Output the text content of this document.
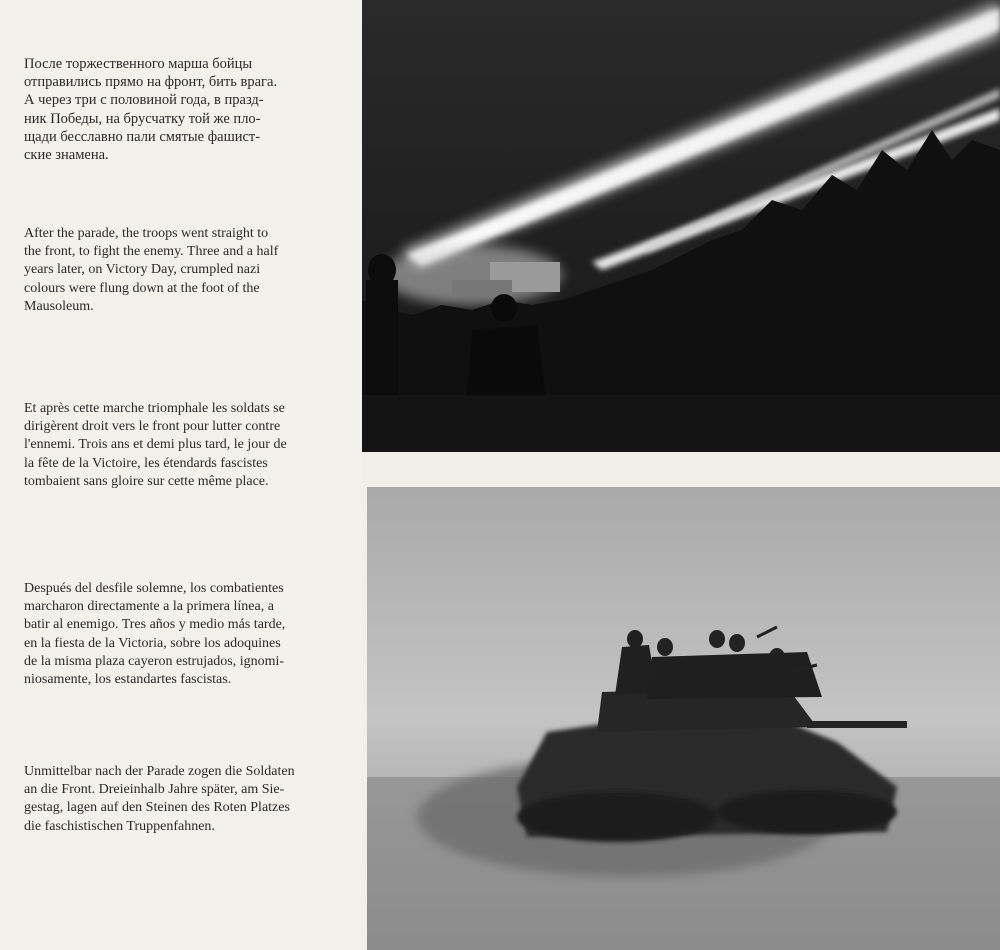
После торжественного марша бойцы
отправились прямо на фронт, бить врага.
А через три с половиной года, в празд-
ник Победы, на брусчатку той же пло-
щади бесславно пали смятые фашист-
ские знамена.

After the parade, the troops went straight to
the front, to fight the enemy. Three and a half
years later, on Victory Day, crumpled nazi
colours were flung down at the foot of the
Mausoleum.

Et après cette marche triomphale les soldats se
dirigèrent droit vers le front pour lutter contre
l'ennemi. Trois ans et demi plus tard, le jour de
la fête de la Victoire, les étendards fascistes
tombaient sans gloire sur cette même place.

Después del desfile solemne, los combatientes
marcharon directamente a la primera línea, a
batir al enemigo. Tres años y medio más tarde,
en la fiesta de la Victoria, sobre los adoquines
de la misma plaza cayeron estrujados, ignomi-
niosamente, los estandartes fascistas.

Unmittelbar nach der Parade zogen die Soldaten
an die Front. Dreieinhalb Jahre später, am Sie-
gestag, lagen auf den Steinen des Roten Platzes
die faschistischen Truppenfahnen.
